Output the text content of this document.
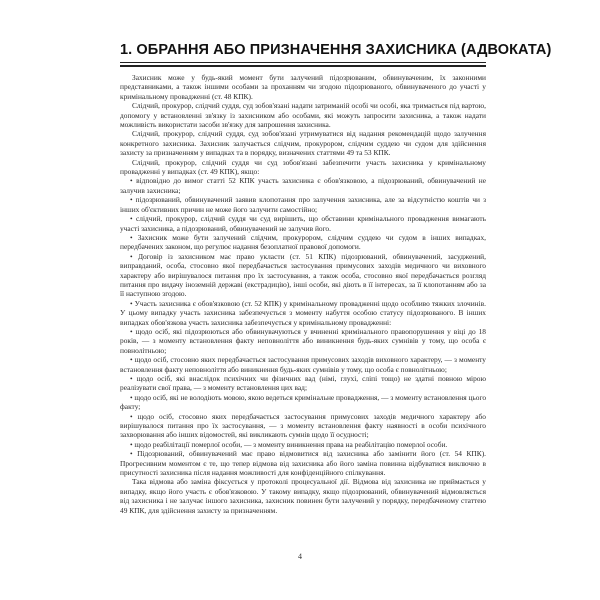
1. ОБРАННЯ АБО ПРИЗНАЧЕННЯ ЗАХИСНИКА (АДВОКАТА)

Захисник може у будь-який момент бути залучений підозрюваним, обвинуваченим, їх законними представниками, а також іншими особами за проханням чи згодою підозрюваного, обвинуваченого до участі у кримінальному провадженні (ст. 48 КПК).

Слідчий, прокурор, слідчий суддя, суд зобов'язані надати затриманій особі чи особі, яка тримається під вартою, допомогу у встановленні зв'язку із захисником або особами, які можуть запросити захисника, а також надати можливість використати засоби зв'язку для запрошення захисника.

Слідчий, прокурор, слідчий суддя, суд зобов'язані утримуватися від надання рекомендацій щодо залучення конкретного захисника. Захисник залучається слідчим, прокурором, слідчим суддею чи судом для здійснення захисту за призначенням у випадках та в порядку, визначених статтями 49 та 53 КПК.

Слідчий, прокурор, слідчий суддя чи суд зобов'язані забезпечити участь захисника у кримінальному провадженні у випадках (ст. 49 КПК), якщо:

• відповідно до вимог статті 52 КПК участь захисника є обов'язковою, а підозрюваний, обвинувачений не залучив захисника;

• підозрюваний, обвинувачений заявив клопотання про залучення захисника, але за відсутністю коштів чи з інших об'єктивних причин не може його залучити самостійно;

• слідчий, прокурор, слідчий суддя чи суд вирішить, що обставини кримінального провадження вимагають участі захисника, а підозрюваний, обвинувачений не залучив його.

• Захисник може бути залучений слідчим, прокурором, слідчим суддею чи судом в інших випадках, передбачених законом, що регулює надання безоплатної правової допомоги.

• Договір із захисником має право укласти (ст. 51 КПК) підозрюваний, обвинувачений, засуджений, виправданий, особа, стосовно якої передбачається застосування примусових заходів медичного чи виховного характеру або вирішувалося питання про їх застосування, а також особа, стосовно якої передбачається розгляд питання про видачу іноземній державі (екстрадицію), інші особи, які діють в її інтересах, за її клопотанням або за її наступною згодою.

• Участь захисника є обов'язковою (ст. 52 КПК) у кримінальному провадженні щодо особливо тяжких злочинів. У цьому випадку участь захисника забезпечується з моменту набуття особою статусу підозрюваного. В інших випадках обов'язкова участь захисника забезпечується у кримінальному провадженні:

• щодо осіб, які підозрюються або обвинувачуються у вчиненні кримінального правопорушення у віці до 18 років, — з моменту встановлення факту неповноліття або виникнення будь-яких сумнівів у тому, що особа є повнолітньою;

• щодо осіб, стосовно яких передбачається застосування примусових заходів виховного характеру, — з моменту встановлення факту неповноліття або виникнення будь-яких сумнівів у тому, що особа є повнолітньою;

• щодо осіб, які внаслідок психічних чи фізичних вад (німі, глухі, сліпі тощо) не здатні повною мірою реалізувати свої права, — з моменту встановлення цих вад;

• щодо осіб, які не володіють мовою, якою ведеться кримінальне провадження, — з моменту встановлення цього факту;

• щодо осіб, стосовно яких передбачається застосування примусових заходів медичного характеру або вирішувалося питання про їх застосування, — з моменту встановлення факту наявності в особи психічного захворювання або інших відомостей, які викликають сумнів щодо її осудності;

• щодо реабілітації померлої особи, — з моменту виникнення права на реабілітацію померлої особи.

• Підозрюваний, обвинувачений має право відмовитися від захисника або замінити його (ст. 54 КПК). Прогресивним моментом є те, що тепер відмова від захисника або його заміна повинна відбуватися виключно в присутності захисника після надання можливості для конфіденційного спілкування.

Така відмова або заміна фіксується у протоколі процесуальної дії. Відмова від захисника не приймається у випадку, якщо його участь є обов'язковою. У такому випадку, якщо підозрюваний, обвинувачений відмовляється від захисника і не залучає іншого захисника, захисник повинен бути залучений у порядку, передбаченому статтею 49 КПК, для здійснення захисту за призначенням.

4
